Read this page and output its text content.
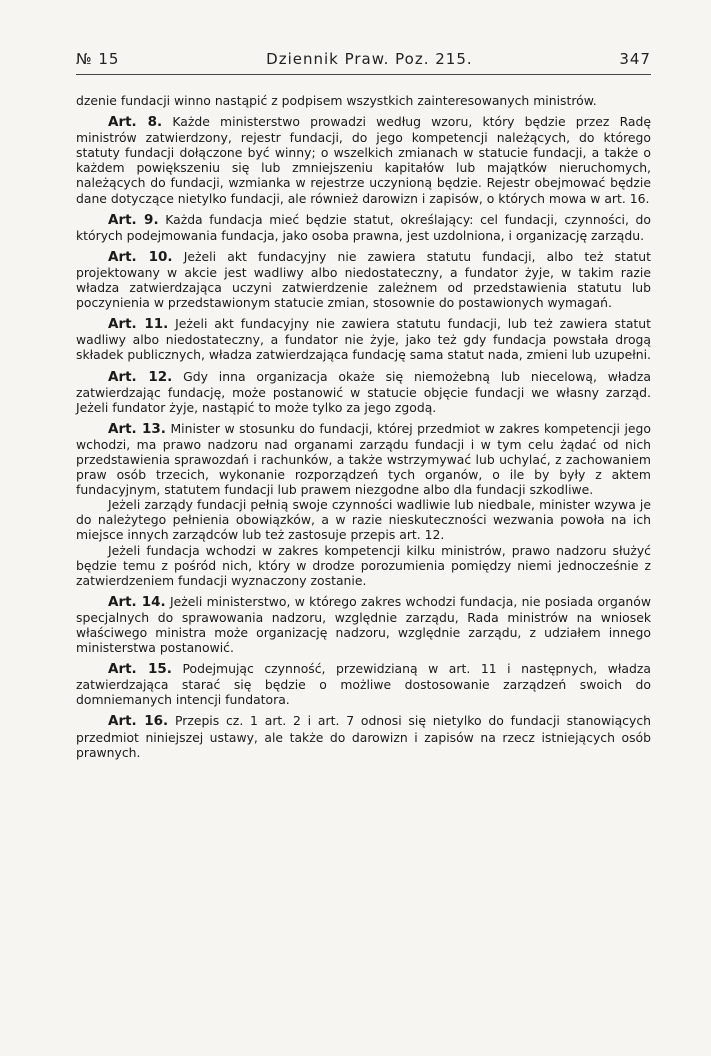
№ 15	Dziennik Praw. Poz. 215.	347

dzenie fundacji winno nastąpić z podpisem wszystkich zainteresowanych ministrów.

Art. 8. Każde ministerstwo prowadzi według wzoru, który będzie przez Radę ministrów zatwierdzony, rejestr fundacji, do jego kompetencji należących, do którego statuty fundacji dołączone być winny; o wszelkich zmianach w statucie fundacji, a także o każdem powiększeniu się lub zmniejszeniu kapitałów lub majątków nieruchomych, należących do fundacji, wzmianka w rejestrze uczynioną będzie. Rejestr obejmować będzie dane dotyczące nietylko fundacji, ale również darowizn i zapisów, o których mowa w art. 16.

Art. 9. Każda fundacja mieć będzie statut, określający: cel fundacji, czynności, do których podejmowania fundacja, jako osoba prawna, jest uzdolniona, i organizację zarządu.

Art. 10. Jeżeli akt fundacyjny nie zawiera statutu fundacji, albo też statut projektowany w akcie jest wadliwy albo niedostateczny, a fundator żyje, w takim razie władza zatwierdzająca uczyni zatwierdzenie zależnem od przedstawienia statutu lub poczynienia w przedstawionym statucie zmian, stosownie do postawionych wymagań.

Art. 11. Jeżeli akt fundacyjny nie zawiera statutu fundacji, lub też zawiera statut wadliwy albo niedostateczny, a fundator nie żyje, jako też gdy fundacja powstała drogą składek publicznych, władza zatwierdzająca fundację sama statut nada, zmieni lub uzupełni.

Art. 12. Gdy inna organizacja okaże się niemożebną lub niecelową, władza zatwierdzając fundację, może postanowić w statucie objęcie fundacji we własny zarząd. Jeżeli fundator żyje, nastąpić to może tylko za jego zgodą.

Art. 13. Minister w stosunku do fundacji, której przedmiot w zakres kompetencji jego wchodzi, ma prawo nadzoru nad organami zarządu fundacji i w tym celu żądać od nich przedstawienia sprawozdań i rachunków, a także wstrzymywać lub uchylać, z zachowaniem praw osób trzecich, wykonanie rozporządzeń tych organów, o ile by były z aktem fundacyjnym, statutem fundacji lub prawem niezgodne albo dla fundacji szkodliwe.

Jeżeli zarządy fundacji pełnią swoje czynności wadliwie lub niedbale, minister wzywa je do należytego pełnienia obowiązków, a w razie nieskuteczności wezwania powoła na ich miejsce innych zarządców lub też zastosuje przepis art. 12.

Jeżeli fundacja wchodzi w zakres kompetencji kilku ministrów, prawo nadzoru służyć będzie temu z pośród nich, który w drodze porozumienia pomiędzy niemi jednocześnie z zatwierdzeniem fundacji wyznaczony zostanie.

Art. 14. Jeżeli ministerstwo, w którego zakres wchodzi fundacja, nie posiada organów specjalnych do sprawowania nadzoru, względnie zarządu, Rada ministrów na wniosek właściwego ministra może organizację nadzoru, względnie zarządu, z udziałem innego ministerstwa postanowić.

Art. 15. Podejmując czynność, przewidzianą w art. 11 i następnych, władza zatwierdzająca starać się będzie o możliwe dostosowanie zarządzeń swoich do domniemanych intencji fundatora.

Art. 16. Przepis cz. 1 art. 2 i art. 7 odnosi się nietylko do fundacji stanowiących przedmiot niniejszej ustawy, ale także do darowizn i zapisów na rzecz istniejących osób prawnych.
